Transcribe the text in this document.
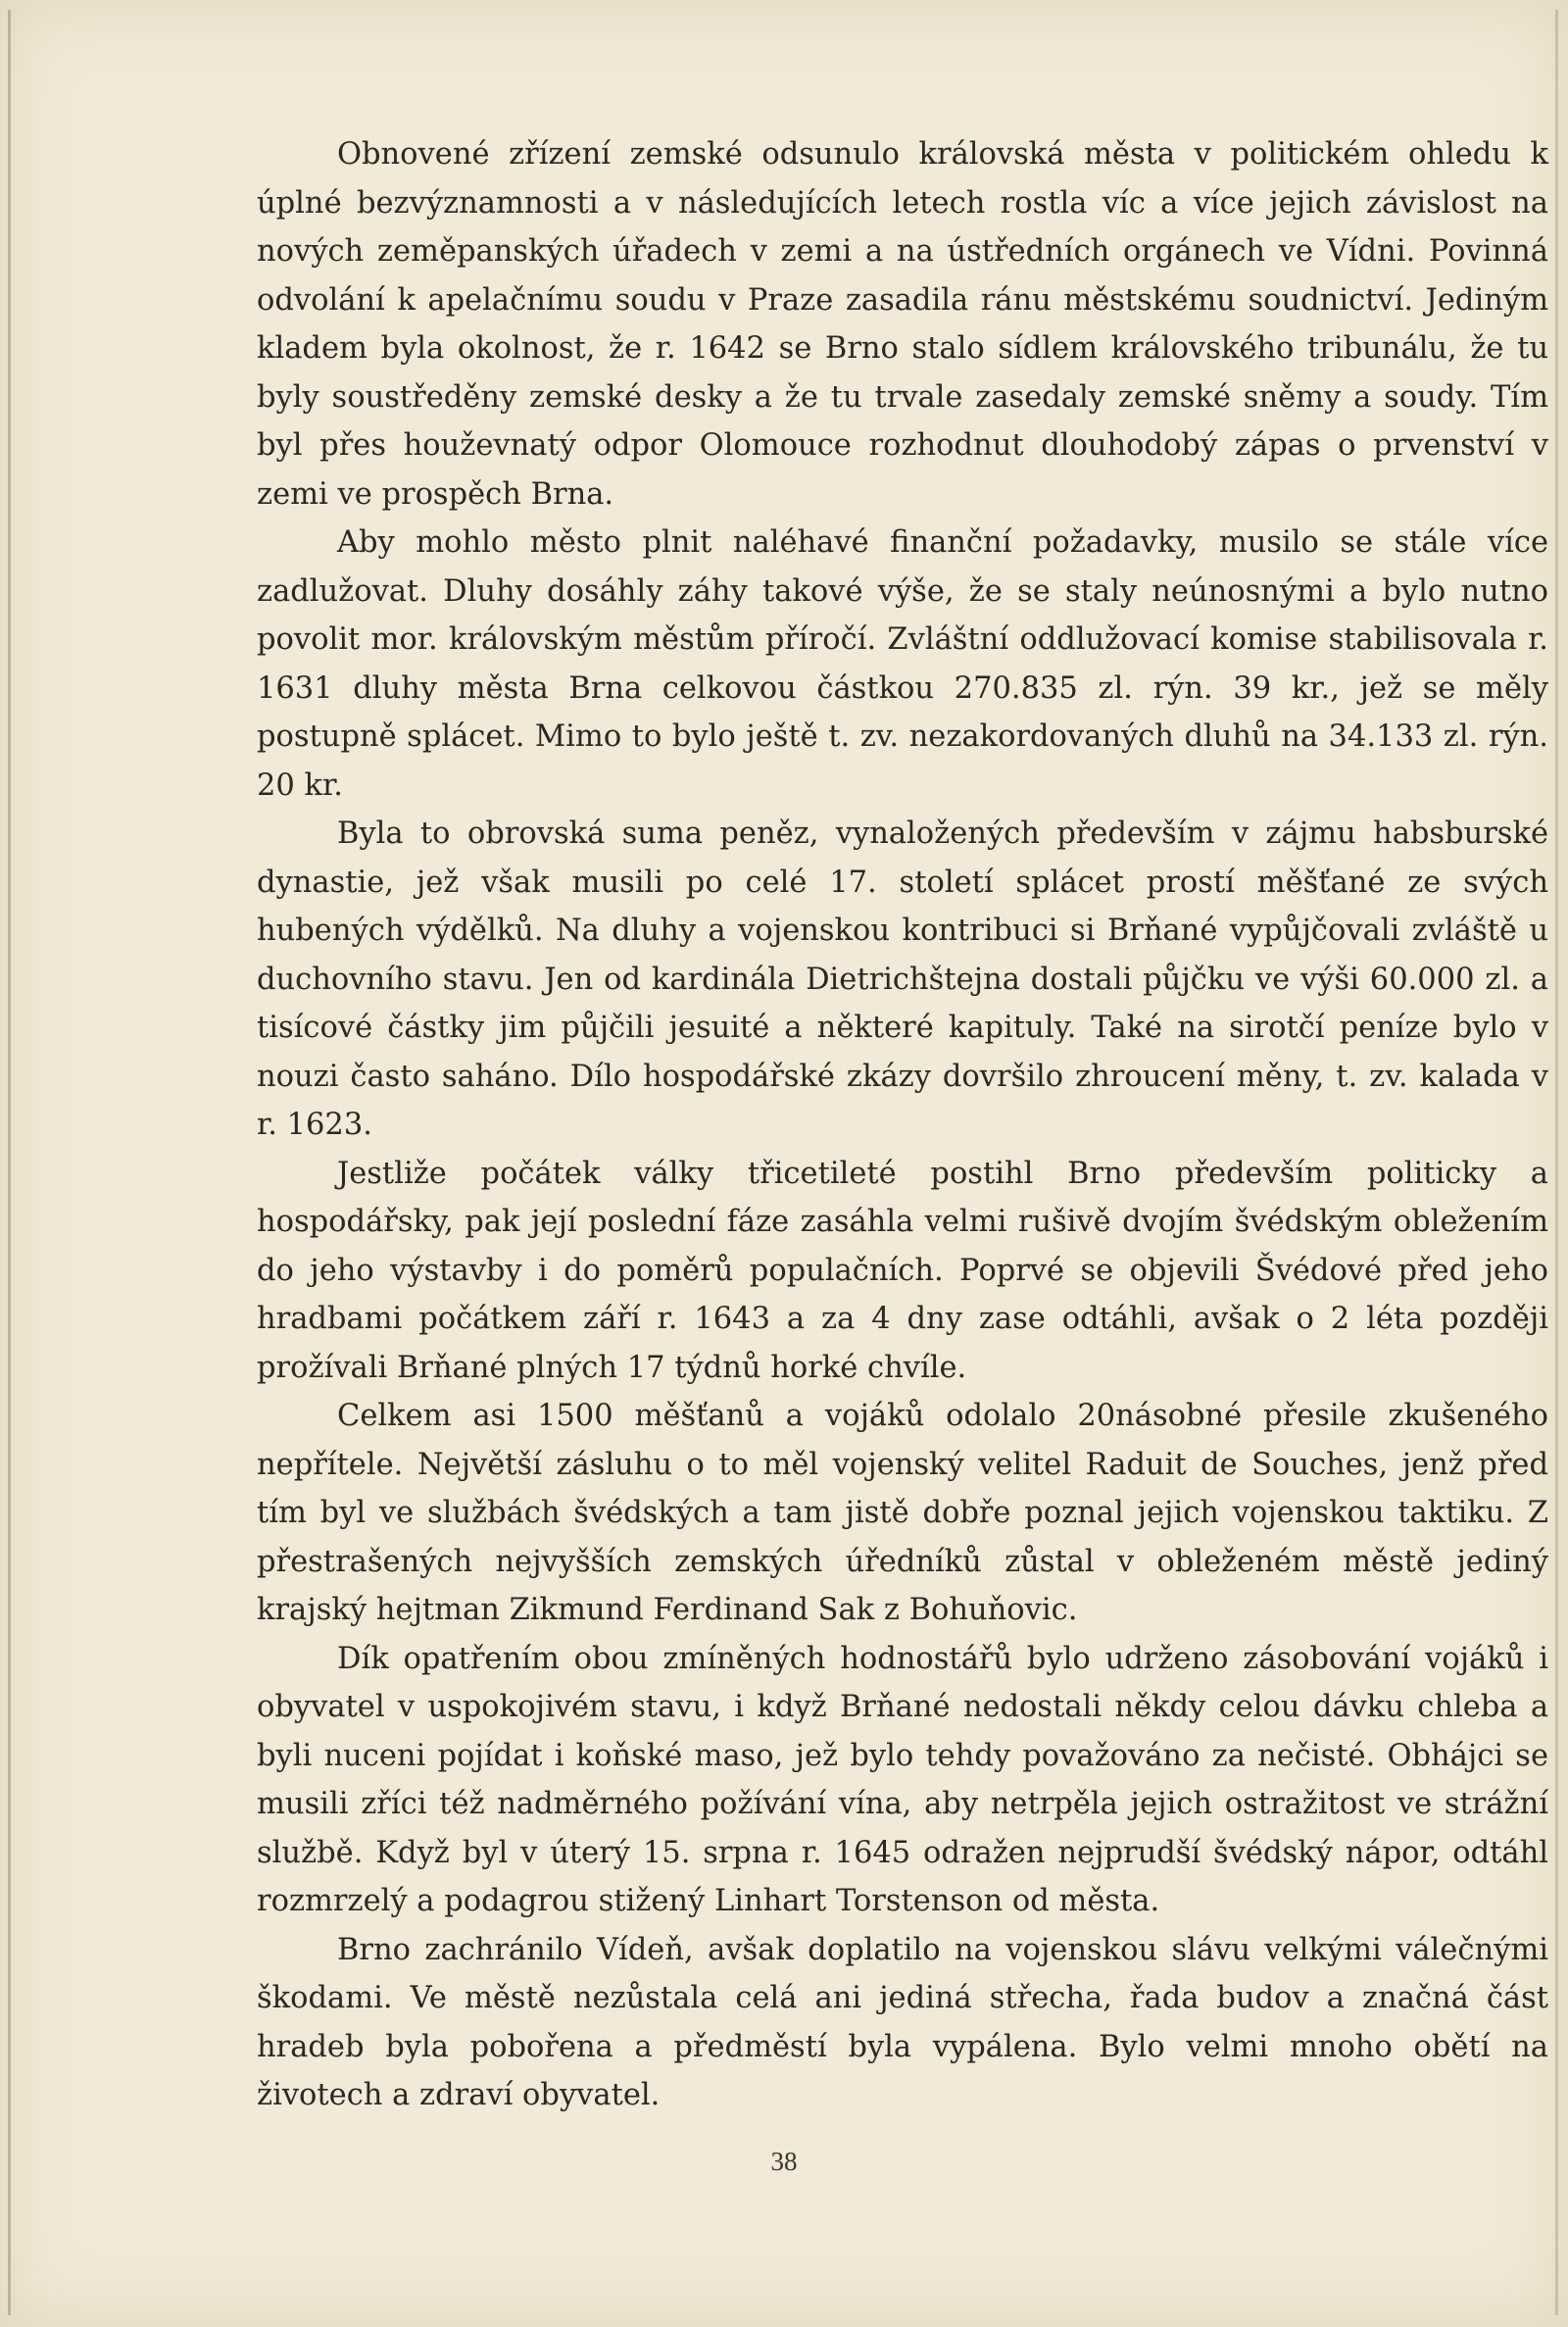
Obnovené zřízení zemské odsunulo královská města v politickém ohledu k úplné bezvýznamnosti a v následujících letech rostla víc a více jejich závislost na nových zeměpanských úřadech v zemi a na ústředních orgánech ve Vídni. Povinná odvolání k apelačnímu soudu v Praze zasadila ránu městskému soudnictví. Jediným kladem byla okolnost, že r. 1642 se Brno stalo sídlem královského tribunálu, že tu byly soustředěny zemské desky a že tu trvale zasedaly zemské sněmy a soudy. Tím byl přes houževnatý odpor Olomouce rozhodnut dlouhodobý zápas o prvenství v zemi ve prospěch Brna.

Aby mohlo město plnit naléhavé finanční požadavky, musilo se stále více zadlužovat. Dluhy dosáhly záhy takové výše, že se staly neúnosnými a bylo nutno povolit mor. královským městům příročí. Zvláštní oddlužovací komise stabilisovala r. 1631 dluhy města Brna celkovou částkou 270.835 zl. rýn. 39 kr., jež se měly postupně splácet. Mimo to bylo ještě t. zv. nezakordovaných dluhů na 34.133 zl. rýn. 20 kr.

Byla to obrovská suma peněz, vynaložených především v zájmu habsburské dynastie, jež však musili po celé 17. století splácet prostí měšťané ze svých hubených výdělků. Na dluhy a vojenskou kontribuci si Brňané vypůjčovali zvláště u duchovního stavu. Jen od kardinála Dietrichštejna dostali půjčku ve výši 60.000 zl. a tisícové částky jim půjčili jesuité a některé kapituly. Také na sirotčí peníze bylo v nouzi často saháno. Dílo hospodářské zkázy dovršilo zhroucení měny, t. zv. kalada v r. 1623.

Jestliže počátek války třicetileté postihl Brno především politicky a hospodářsky, pak její poslední fáze zasáhla velmi rušivě dvojím švédským obležením do jeho výstavby i do poměrů populačních. Poprvé se objevili Švédové před jeho hradbami počátkem září r. 1643 a za 4 dny zase odtáhli, avšak o 2 léta později prožívali Brňané plných 17 týdnů horké chvíle.

Celkem asi 1500 měšťanů a vojáků odolalo 20násobné přesile zkušeného nepřítele. Největší zásluhu o to měl vojenský velitel Raduit de Souches, jenž před tím byl ve službách švédských a tam jistě dobře poznal jejich vojenskou taktiku. Z přestrašených nejvyšších zemských úředníků zůstal v obleženém městě jediný krajský hejtman Zikmund Ferdinand Sak z Bohuňovic.

Dík opatřením obou zmíněných hodnostářů bylo udrženo zásobování vojáků i obyvatel v uspokojivém stavu, i když Brňané nedostali někdy celou dávku chleba a byli nuceni pojídat i koňské maso, jež bylo tehdy považováno za nečisté. Obhájci se musili zříci též nadměrného požívání vína, aby netrpěla jejich ostražitost ve strážní službě. Když byl v úterý 15. srpna r. 1645 odražen nejprudší švédský nápor, odtáhl rozmrzelý a podagrou stižený Linhart Torstenson od města.

Brno zachránilo Vídeň, avšak doplatilo na vojenskou slávu velkými válečnými škodami. Ve městě nezůstala celá ani jediná střecha, řada budov a značná část hradeb byla pobořena a předměstí byla vypálena. Bylo velmi mnoho obětí na životech a zdraví obyvatel.

38
